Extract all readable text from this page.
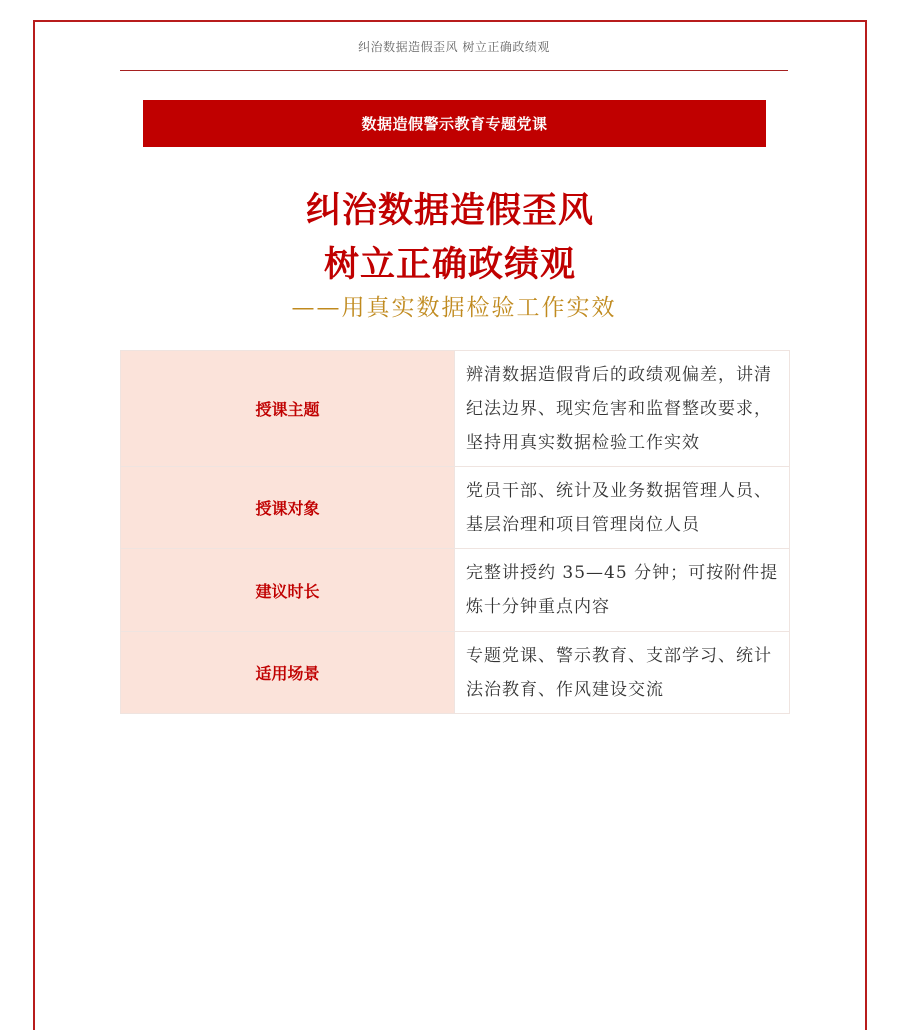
纠治数据造假歪风 树立正确政绩观
数据造假警示教育专题党课
纠治数据造假歪风
树立正确政绩观
——用真实数据检验工作实效
授课主题	辨清数据造假背后的政绩观偏差，讲清纪法边界、现实危害和监督整改要求，坚持用真实数据检验工作实效
授课对象	党员干部、统计及业务数据管理人员、基层治理和项目管理岗位人员
建议时长	完整讲授约 35—45 分钟；可按附件提炼十分钟重点内容
适用场景	专题党课、警示教育、支部学习、统计法治教育、作风建设交流
